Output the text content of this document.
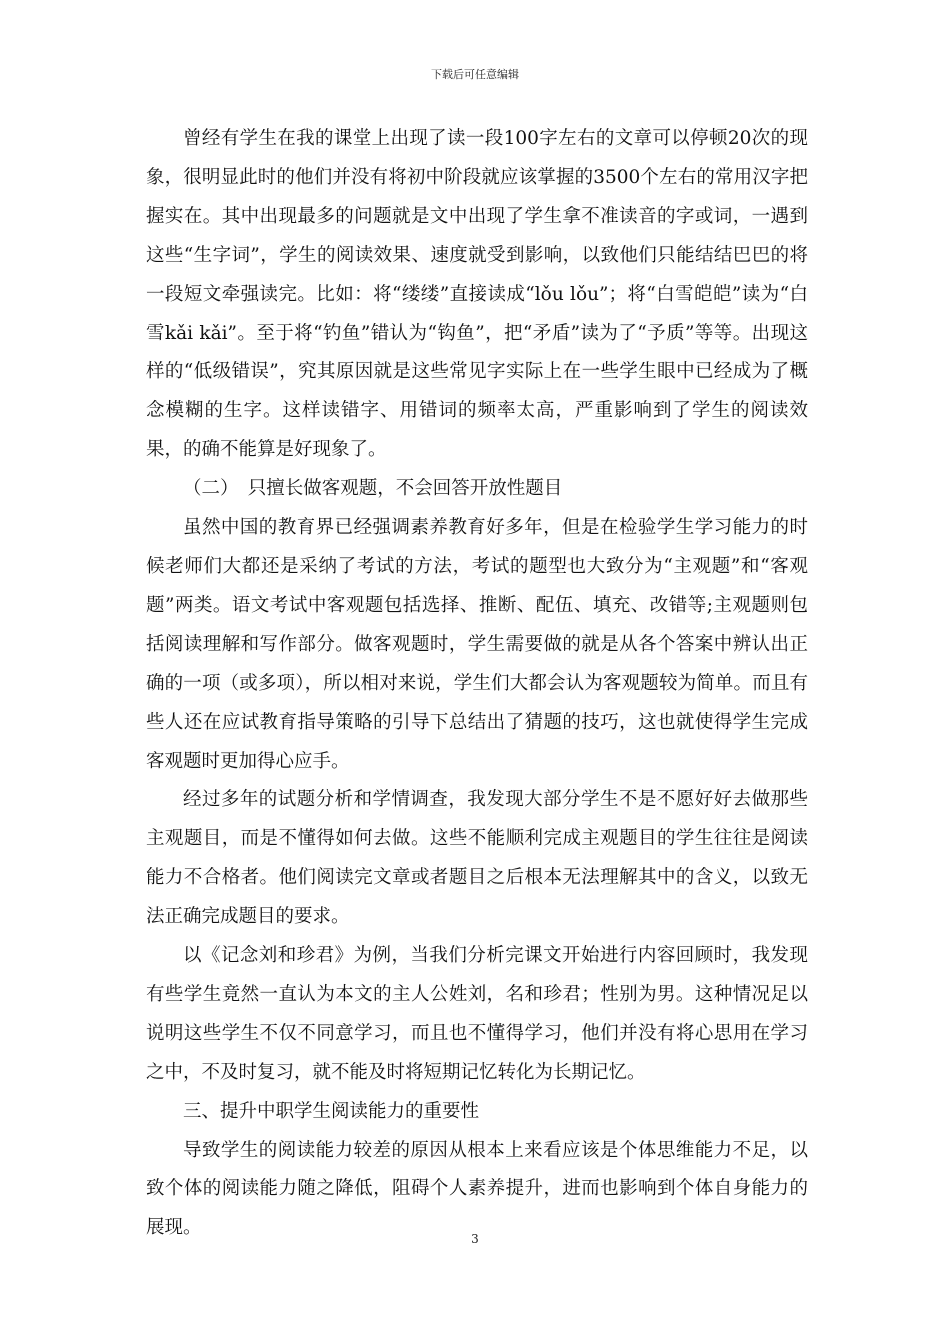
下载后可任意编辑

曾经有学生在我的课堂上出现了读一段100字左右的文章可以停顿20次的现象，很明显此时的他们并没有将初中阶段就应该掌握的3500个左右的常用汉字把握实在。其中出现最多的问题就是文中出现了学生拿不准读音的字或词，一遇到这些“生字词”，学生的阅读效果、速度就受到影响，以致他们只能结结巴巴的将一段短文牵强读完。比如：将“缕缕”直接读成“lǒu lǒu”；将“白雪皑皑”读为“白雪kǎi kǎi”。至于将“钓鱼”错认为“钩鱼”，把“矛盾”读为了“予质”等等。出现这样的“低级错误”，究其原因就是这些常见字实际上在一些学生眼中已经成为了概念模糊的生字。这样读错字、用错词的频率太高，严重影响到了学生的阅读效果，的确不能算是好现象了。

（二）　只擅长做客观题，不会回答开放性题目

虽然中国的教育界已经强调素养教育好多年，但是在检验学生学习能力的时候老师们大都还是采纳了考试的方法，考试的题型也大致分为“主观题”和“客观题”两类。语文考试中客观题包括选择、推断、配伍、填充、改错等;主观题则包括阅读理解和写作部分。做客观题时，学生需要做的就是从各个答案中辨认出正确的一项（或多项），所以相对来说，学生们大都会认为客观题较为简单。而且有些人还在应试教育指导策略的引导下总结出了猜题的技巧，这也就使得学生完成客观题时更加得心应手。

经过多年的试题分析和学情调查，我发现大部分学生不是不愿好好去做那些主观题目，而是不懂得如何去做。这些不能顺利完成主观题目的学生往往是阅读能力不合格者。他们阅读完文章或者题目之后根本无法理解其中的含义，以致无法正确完成题目的要求。

以《记念刘和珍君》为例，当我们分析完课文开始进行内容回顾时，我发现有些学生竟然一直认为本文的主人公姓刘，名和珍君；性别为男。这种情况足以说明这些学生不仅不同意学习，而且也不懂得学习，他们并没有将心思用在学习之中，不及时复习，就不能及时将短期记忆转化为长期记忆。

三、提升中职学生阅读能力的重要性

导致学生的阅读能力较差的原因从根本上来看应该是个体思维能力不足，以致个体的阅读能力随之降低，阻碍个人素养提升，进而也影响到个体自身能力的展现。

3
